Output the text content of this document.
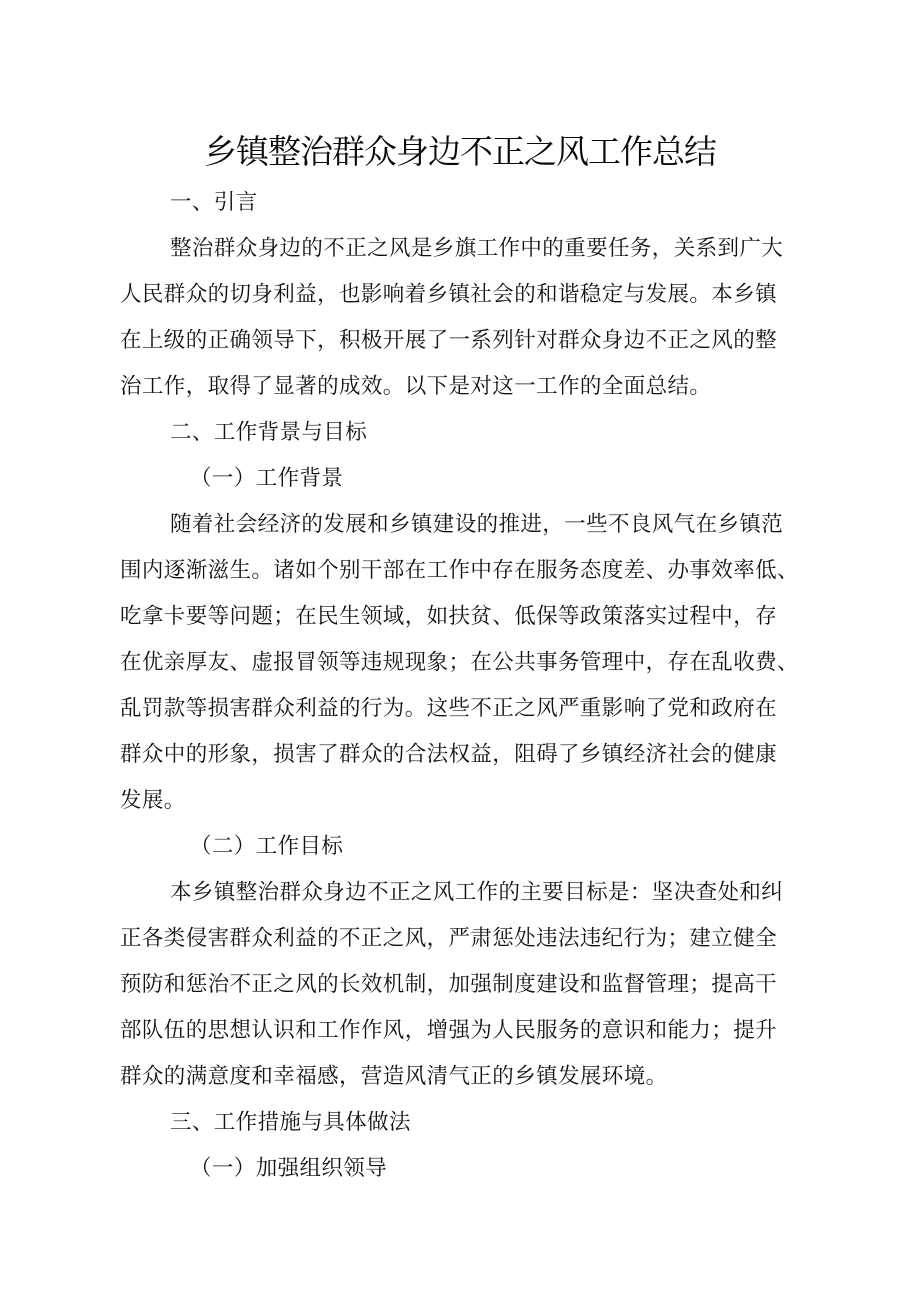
乡镇整治群众身边不正之风工作总结
一、引言
整治群众身边的不正之风是乡旗工作中的重要任务，关系到广大
人民群众的切身利益，也影响着乡镇社会的和谐稳定与发展。本乡镇
在上级的正确领导下，积极开展了一系列针对群众身边不正之风的整
治工作，取得了显著的成效。以下是对这一工作的全面总结。
二、工作背景与目标
（一）工作背景
随着社会经济的发展和乡镇建设的推进，一些不良风气在乡镇范
围内逐渐滋生。诸如个别干部在工作中存在服务态度差、办事效率低、
吃拿卡要等问题；在民生领域，如扶贫、低保等政策落实过程中，存
在优亲厚友、虚报冒领等违规现象；在公共事务管理中，存在乱收费、
乱罚款等损害群众利益的行为。这些不正之风严重影响了党和政府在
群众中的形象，损害了群众的合法权益，阻碍了乡镇经济社会的健康
发展。
（二）工作目标
本乡镇整治群众身边不正之风工作的主要目标是：坚决查处和纠
正各类侵害群众利益的不正之风，严肃惩处违法违纪行为；建立健全
预防和惩治不正之风的长效机制，加强制度建设和监督管理；提高干
部队伍的思想认识和工作作风，增强为人民服务的意识和能力；提升
群众的满意度和幸福感，营造风清气正的乡镇发展环境。
三、工作措施与具体做法
（一）加强组织领导
